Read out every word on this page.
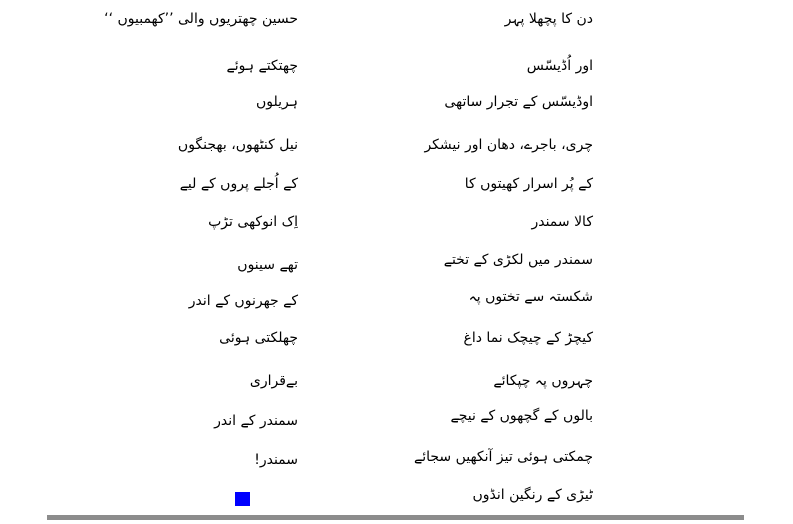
دن کا پچھلا پہر
حسین چھتریوں والی ’’کھمبیوں ‘‘
اور اُڈیسّس
چھتکتے ہوئے
اوڈیسّس کے تجرار ساتھی
ہریلوں
چری، باجرے، دھان اور نیشکر
نیل کنٹھوں، بھجنگوں
کے پُر اسرار کھیتوں کا
کے اُجلے پروں کے لیے
کالا سمندر
اِک انوکھی تڑپ
سمندر میں لکڑی کے تختے
تھے سینوں
شکستہ سے تختوں پہ
کے جھرنوں کے اندر
کیچڑ کے چیچک نما داغ
چھلکتی ہوئی
چہروں پہ چپکائے
بےقراری
بالوں کے گچھوں کے نیچے
سمندر کے اندر
چمکتی ہوئی تیز آنکھیں سجائے
سمندر!
ٹیڑی کے رنگین انڈوں
